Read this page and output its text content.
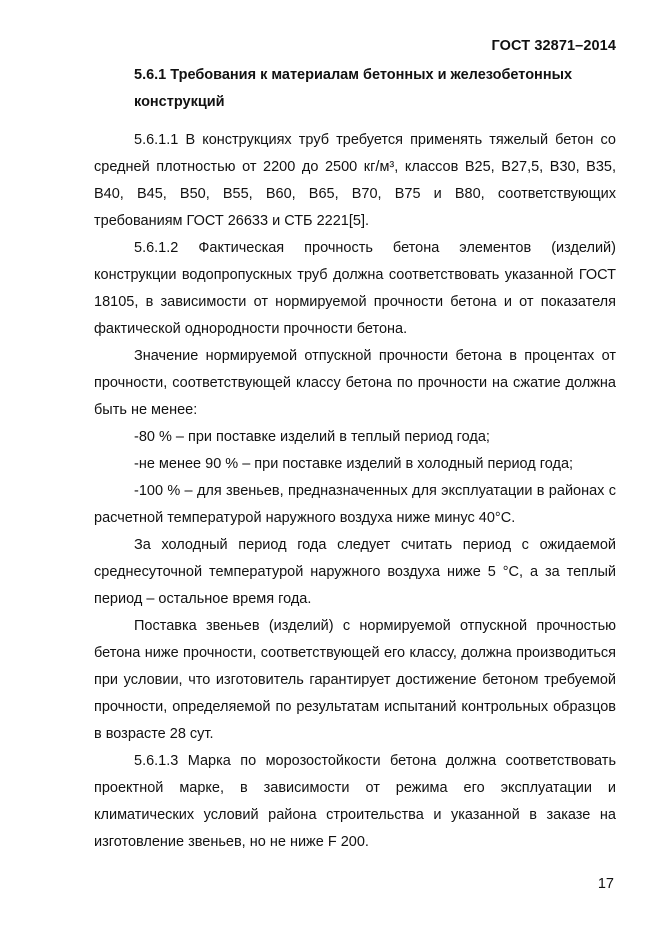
ГОСТ 32871–2014
5.6.1 Требования к материалам бетонных и железобетонных конструкций

5.6.1.1 В конструкциях труб требуется применять тяжелый бетон со средней плотностью от 2200 до 2500 кг/м³, классов В25, В27,5, В30, В35, В40, В45, В50, В55, В60, В65, В70, В75 и В80, соответствующих требованиям ГОСТ 26633 и СТБ 2221[5].

5.6.1.2 Фактическая прочность бетона элементов (изделий) конструкции водопропускных труб должна соответствовать указанной ГОСТ 18105, в зависимости от нормируемой прочности бетона и от показателя фактической однородности прочности бетона.

Значение нормируемой отпускной прочности бетона в процентах от прочности, соответствующей классу бетона по прочности на сжатие должна быть не менее:

-80 % – при поставке изделий в теплый период года;

-не менее 90 % – при поставке изделий в холодный период года;

-100 % – для звеньев, предназначенных для эксплуатации в районах с расчетной температурой наружного воздуха ниже минус 40°С.

За холодный период года следует считать период с ожидаемой среднесуточной температурой наружного воздуха ниже 5 °С, а за теплый период – остальное время года.

Поставка звеньев (изделий) с нормируемой отпускной прочностью бетона ниже прочности, соответствующей его классу, должна производиться при условии, что изготовитель гарантирует достижение бетоном требуемой прочности, определяемой по результатам испытаний контрольных образцов в возрасте 28 сут.

5.6.1.3 Марка по морозостойкости бетона должна соответствовать проектной марке, в зависимости от режима его эксплуатации и климатических условий района строительства и указанной в заказе на изготовление звеньев, но не ниже F 200.

17
